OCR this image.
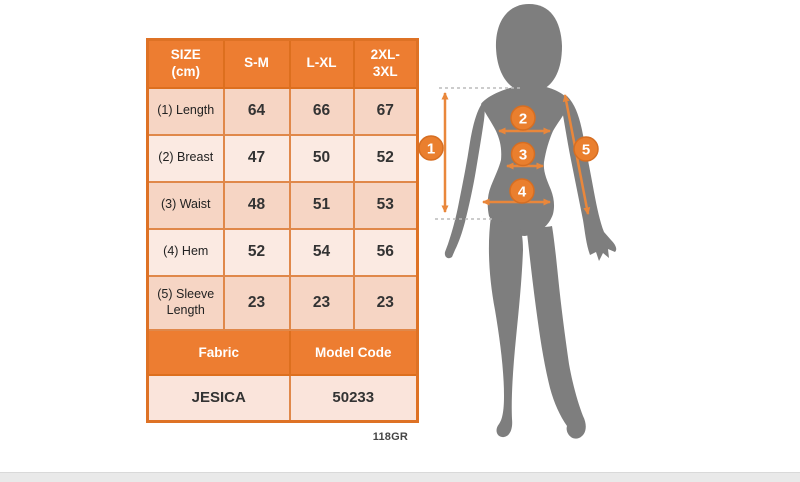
SIZE (cm)	S-M	L-XL	2XL-3XL
(1) Length	64	66	67
(2) Breast	47	50	52
(3) Waist	48	51	53
(4) Hem	52	54	56
(5) Sleeve Length	23	23	23
Fabric		Model Code	
JESICA		50233	
118GR
1
2
3
4
5
